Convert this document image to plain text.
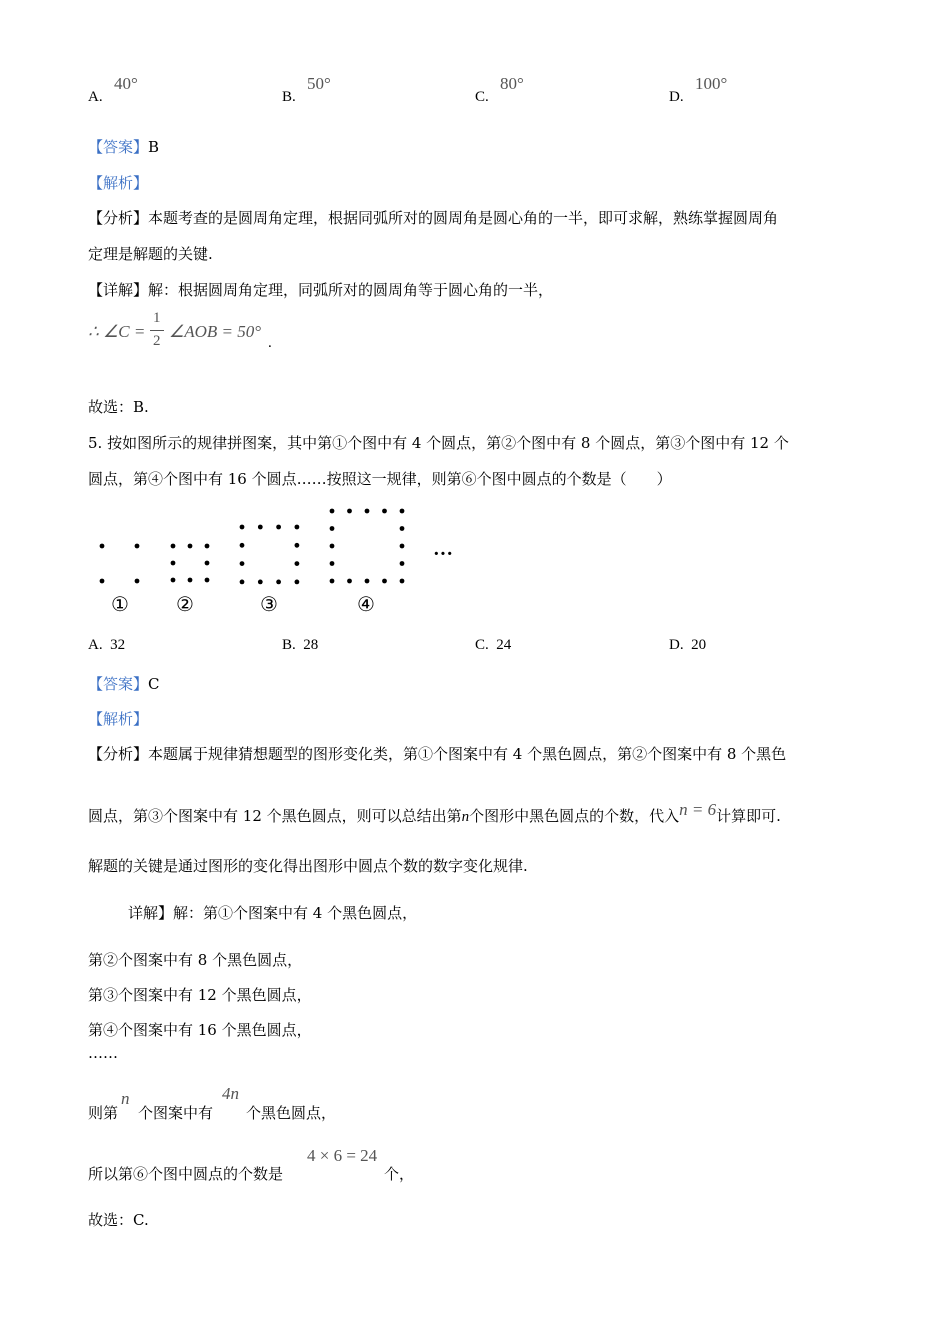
A.
40°
B.
50°
C.
80°
D.
100°
【答案】B
【解析】
【分析】本题考查的是圆周角定理，根据同弧所对的圆周角是圆心角的一半，即可求解，熟练掌握圆周角
定理是解题的关键.
【详解】解：根据圆周角定理，同弧所对的圆周角等于圆心角的一半，
∴ ∠C =
1
2 ∠AOB = 50°
.
故选：B.
5. 按如图所示的规律拼图案，其中第①个图中有 4 个圆点，第②个图中有 8 个圆点，第③个图中有 12 个
圆点，第④个图中有 16 个圆点……按照这一规律，则第⑥个图中圆点的个数是（　　）
① ②	③	④
···
A. 32	B. 28	C. 24	D. 20
【答案】C
【解析】
【分析】本题属于规律猜想题型的图形变化类，第①个图案中有 4 个黑色圆点，第②个图案中有 8 个黑色
圆点，第③个图案中有 12 个黑色圆点，则可以总结出第n个图形中黑色圆点的个数，代入n = 6计算即可.
解题的关键是通过图形的变化得出图形中圆点个数的数字变化规律.
详解】解：第①个图案中有 4 个黑色圆点，
第②个图案中有 8 个黑色圆点，
第③个图案中有 12 个黑色圆点，
第④个图案中有 16 个黑色圆点，
……
则第
n
个图案中有
4n
个黑色圆点，
所以第⑥个图中圆点的个数是
4 × 6 = 24
个，
故选：C.
